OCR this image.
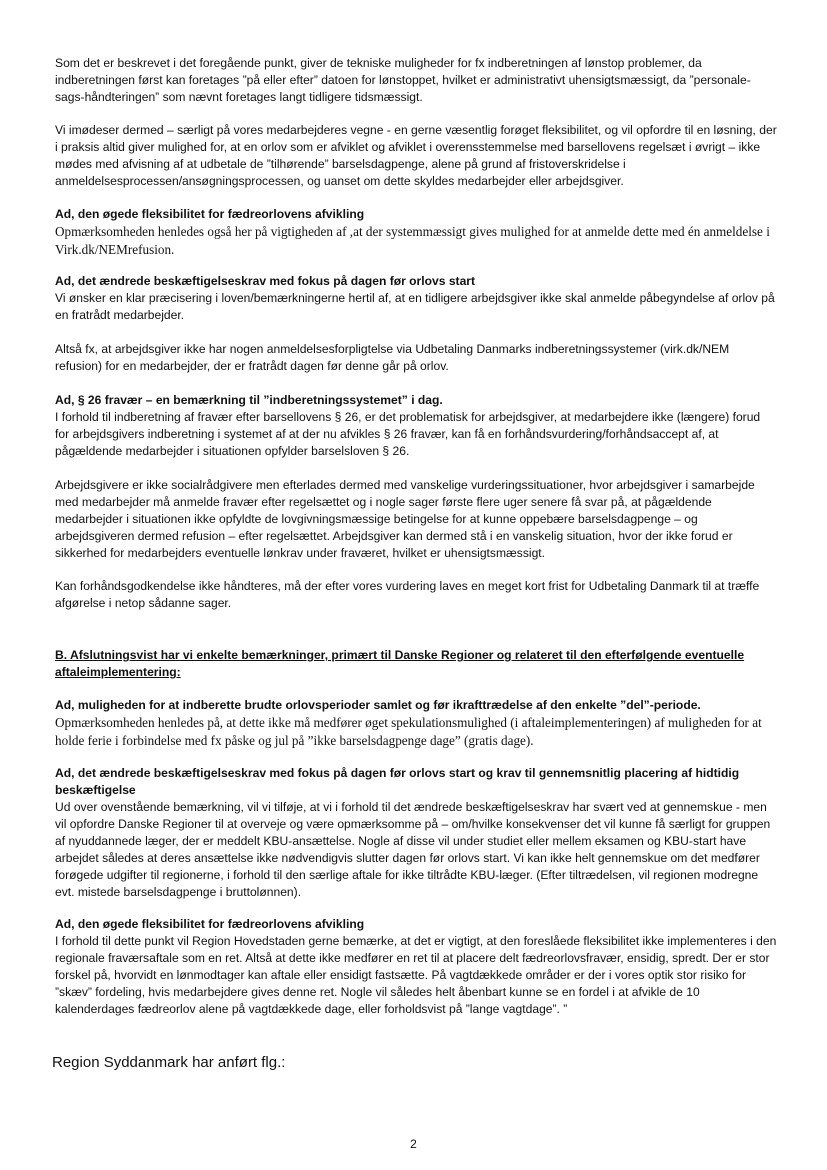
Som det er beskrevet i det foregående punkt, giver de tekniske muligheder for fx indberetningen af lønstop problemer, da indberetningen først kan foretages ”på eller efter” datoen for lønstoppet, hvilket er administrativt uhensigtsmæssigt, da ”personale-sags-håndteringen” som nævnt foretages langt tidligere tidsmæssigt.

Vi imødeser dermed – særligt på vores medarbejderes vegne - en gerne væsentlig forøget fleksibilitet, og vil opfordre til en løsning, der i praksis altid giver mulighed for, at en orlov som er afviklet og afviklet i overensstemmelse med barsellovens regelsæt i øvrigt – ikke mødes med afvisning af at udbetale de ”tilhørende” barselsdagpenge, alene på grund af fristoverskridelse i anmeldelsesprocessen/ansøgningsprocessen, og uanset om dette skyldes medarbejder eller arbejdsgiver.

Ad, den øgede fleksibilitet for fædreorlovens afvikling
Opmærksomheden henledes også her på vigtigheden af ,at der systemmæssigt gives mulighed for at anmelde dette med én anmeldelse i Virk.dk/NEMrefusion.
Ad, det ændrede beskæftigelseskrav med fokus på dagen før orlovs start
Vi ønsker en klar præcisering i loven/bemærkningerne hertil af, at en tidligere arbejdsgiver ikke skal anmelde påbegyndelse af orlov på en fratrådt medarbejder.

Altså fx, at arbejdsgiver ikke har nogen anmeldelsesforpligtelse via Udbetaling Danmarks indberetningssystemer (virk.dk/NEM refusion) for en medarbejder, der er fratrådt dagen før denne går på orlov.

Ad, § 26 fravær – en bemærkning til ”indberetningssystemet” i dag.
I forhold til indberetning af fravær efter barsellovens § 26, er det problematisk for arbejdsgiver, at medarbejdere ikke (længere) forud for arbejdsgivers indberetning i systemet af at der nu afvikles § 26 fravær, kan få en forhåndsvurdering/forhåndsaccept af, at pågældende medarbejder i situationen opfylder barselsloven § 26.

Arbejdsgivere er ikke socialrådgivere men efterlades dermed med vanskelige vurderingssituationer, hvor arbejdsgiver i samarbejde med medarbejder må anmelde fravær efter regelsættet og i nogle sager første flere uger senere få svar på, at pågældende medarbejder i situationen ikke opfyldte de lovgivningsmæssige betingelse for at kunne oppebære barselsdagpenge – og arbejdsgiveren dermed refusion – efter regelsættet. Arbejdsgiver kan dermed stå i en vanskelig situation, hvor der ikke forud er sikkerhed for medarbejders eventuelle lønkrav under fraværet, hvilket er uhensigtsmæssigt.

Kan forhåndsgodkendelse ikke håndteres, må der efter vores vurdering laves en meget kort frist for Udbetaling Danmark til at træffe afgørelse i netop sådanne sager.

B. Afslutningsvist har vi enkelte bemærkninger, primært til Danske Regioner og relateret til den efterfølgende eventuelle aftaleimplementering:

Ad, muligheden for at indberette brudte orlovsperioder samlet og før ikrafttrædelse af den enkelte ”del”-periode.
Opmærksomheden henledes på, at dette ikke må medfører øget spekulationsmulighed (i aftaleimplementeringen) af muligheden for at holde ferie i forbindelse med fx påske og jul på ”ikke barselsdagpenge dage” (gratis dage).
Ad, det ændrede beskæftigelseskrav med fokus på dagen før orlovs start og krav til gennemsnitlig placering af hidtidig beskæftigelse
Ud over ovenstående bemærkning, vil vi tilføje, at vi i forhold til det ændrede beskæftigelseskrav har svært ved at gennemskue - men vil opfordre Danske Regioner til at overveje og være opmærksomme på – om/hvilke konsekvenser det vil kunne få særligt for gruppen af nyuddannede læger, der er meddelt KBU-ansættelse. Nogle af disse vil under studiet eller mellem eksamen og KBU-start have arbejdet således at deres ansættelse ikke nødvendigvis slutter dagen før orlovs start. Vi kan ikke helt gennemskue om det medfører forøgede udgifter til regionerne, i forhold til den særlige aftale for ikke tiltrådte KBU-læger. (Efter tiltrædelsen, vil regionen modregne evt. mistede barselsdagpenge i bruttolønnen).
Ad, den øgede fleksibilitet for fædreorlovens afvikling
I forhold til dette punkt vil Region Hovedstaden gerne bemærke, at det er vigtigt, at den foreslåede fleksibilitet ikke implementeres i den regionale fraværsaftale som en ret. Altså at dette ikke medfører en ret til at placere delt fædreorlovsfravær, ensidig, spredt. Der er stor forskel på, hvorvidt en lønmodtager kan aftale eller ensidigt fastsætte. På vagtdækkede områder er der i vores optik stor risiko for ”skæv” fordeling, hvis medarbejdere gives denne ret. Nogle vil således helt åbenbart kunne se en fordel i at afvikle de 10 kalenderdages fædreorlov alene på vagtdækkede dage, eller forholdsvist på ”lange vagtdage”. ”

Region Syddanmark har anført flg.:

2
